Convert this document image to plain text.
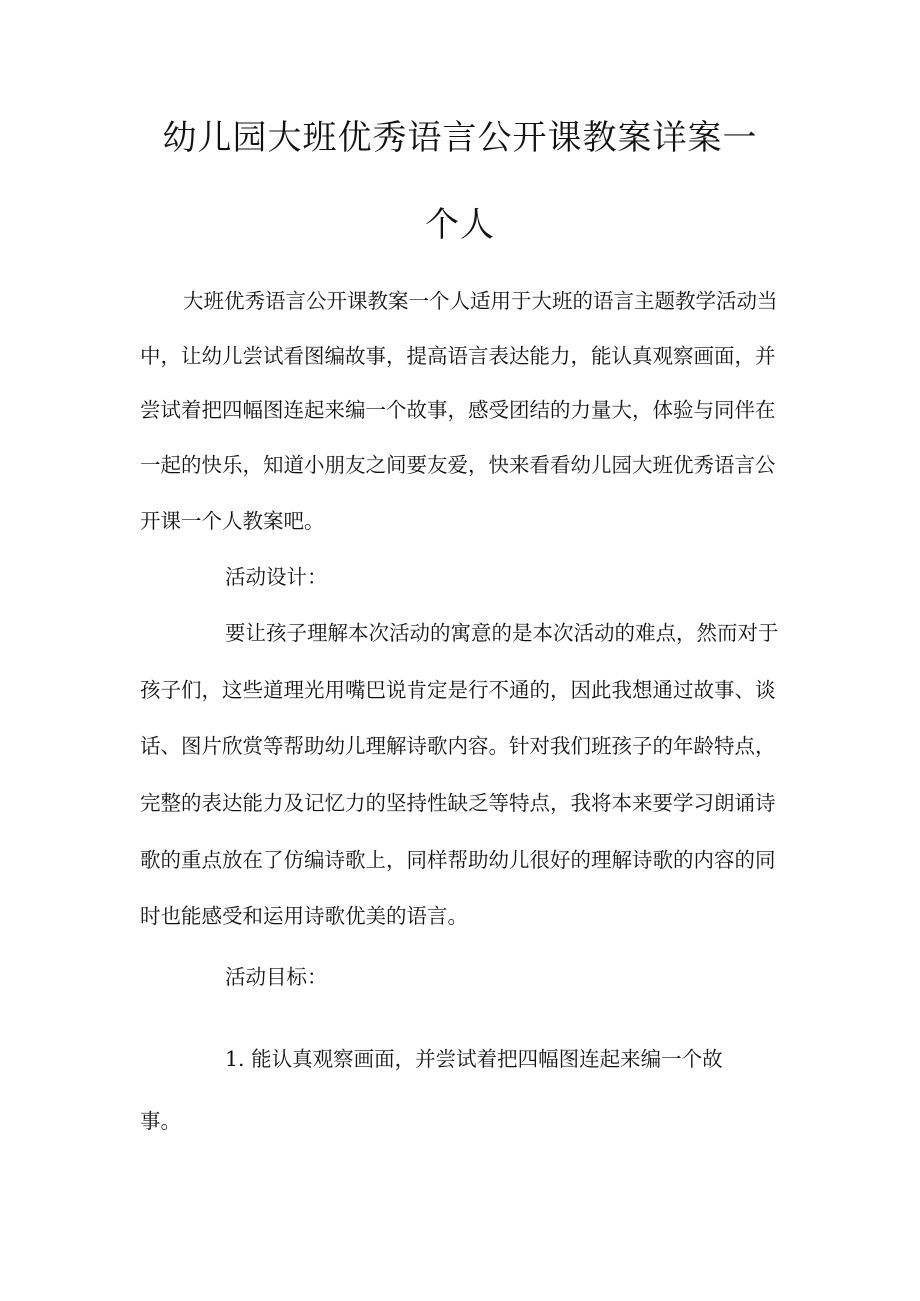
幼儿园大班优秀语言公开课教案详案一
个人

大班优秀语言公开课教案一个人适用于大班的语言主题教学活动当

中，让幼儿尝试看图编故事，提高语言表达能力，能认真观察画面，并

尝试着把四幅图连起来编一个故事，感受团结的力量大，体验与同伴在

一起的快乐，知道小朋友之间要友爱，快来看看幼儿园大班优秀语言公

开课一个人教案吧。

活动设计：

要让孩子理解本次活动的寓意的是本次活动的难点，然而对于

孩子们，这些道理光用嘴巴说肯定是行不通的，因此我想通过故事、谈

话、图片欣赏等帮助幼儿理解诗歌内容。针对我们班孩子的年龄特点，

完整的表达能力及记忆力的坚持性缺乏等特点，我将本来要学习朗诵诗

歌的重点放在了仿编诗歌上，同样帮助幼儿很好的理解诗歌的内容的同

时也能感受和运用诗歌优美的语言。

活动目标：

1. 能认真观察画面，并尝试着把四幅图连起来编一个故

事。
